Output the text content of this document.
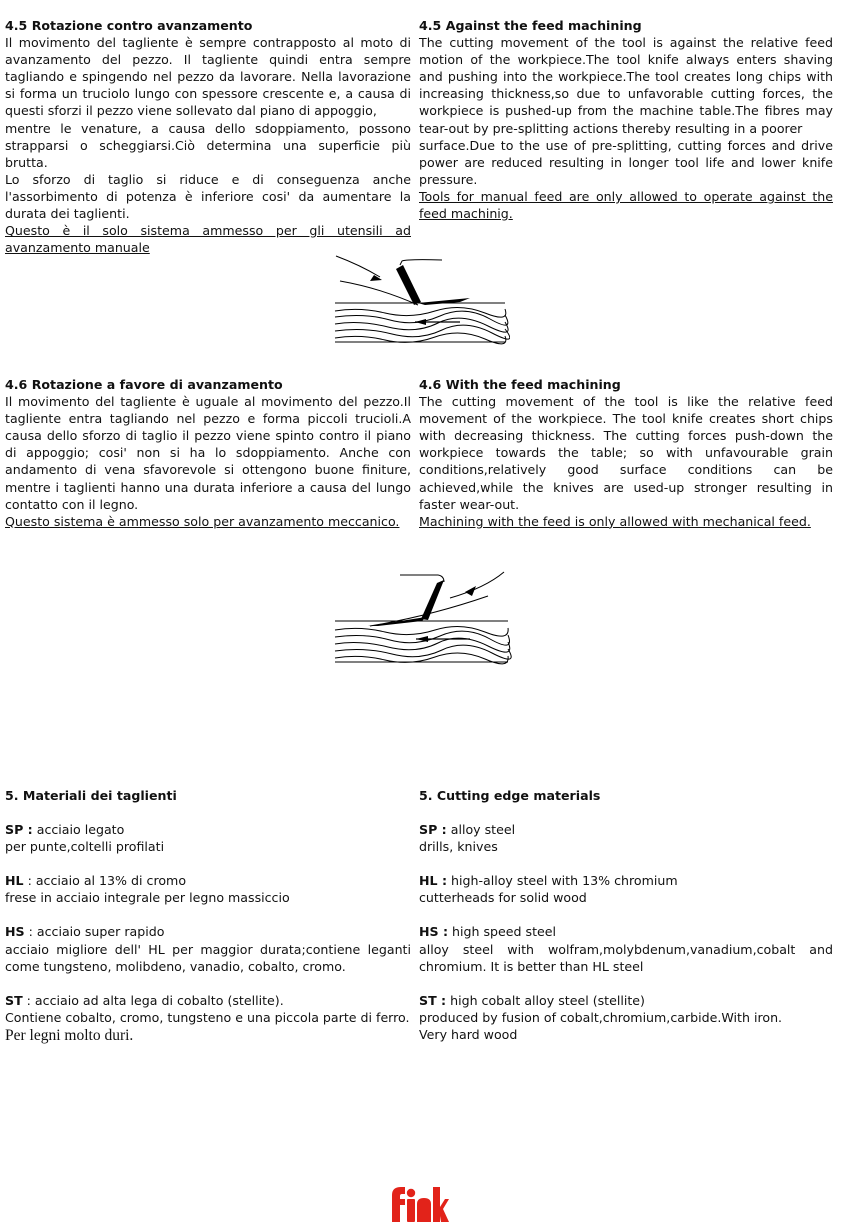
4.5 Rotazione contro avanzamento

Il movimento del tagliente è sempre contrapposto al moto di avanzamento del pezzo. Il tagliente quindi entra sempre tagliando e spingendo nel pezzo da lavorare. Nella lavorazione si forma un truciolo lungo con spessore crescente e, a causa di questi sforzi il pezzo viene sollevato dal piano di appoggio,

mentre le venature, a causa dello sdoppiamento, possono strapparsi o scheggiarsi.Ciò determina una superficie più brutta.

Lo sforzo di taglio si riduce e di conseguenza anche l'assorbimento di potenza è inferiore cosi' da aumentare la durata dei taglienti.

Questo è il solo sistema ammesso per gli utensili ad avanzamento manuale

4.5 Against the feed machining

The cutting movement of the tool is against the relative feed motion of the workpiece.The tool knife always enters shaving and pushing into the workpiece.The tool creates long chips with increasing thickness,so due to unfavorable cutting forces, the workpiece is pushed-up from the machine table.The fibres may tear-out by pre-splitting actions thereby resulting in a poorer

surface.Due to the use of pre-splitting, cutting forces and drive power are reduced resulting in longer tool life and lower knife pressure.

Tools for manual feed are only allowed to operate against the feed machinig.

4.6 Rotazione a favore di avanzamento

Il movimento del tagliente è uguale al movimento del pezzo.Il tagliente entra tagliando nel pezzo e forma piccoli trucioli.A causa dello sforzo di taglio il pezzo viene spinto contro il piano di appoggio; cosi' non si ha lo sdoppiamento. Anche con andamento di vena sfavorevole si ottengono buone finiture, mentre i taglienti hanno una durata inferiore a causa del lungo contatto con il legno.

Questo sistema è ammesso solo per avanzamento meccanico.

4.6 With the feed machining

The cutting movement of the tool is like the relative feed movement of the workpiece. The tool knife creates short chips with decreasing thickness. The cutting forces push-down the workpiece towards the table; so with unfavourable grain conditions,relatively good surface conditions can be achieved,while the knives are used-up stronger resulting in faster wear-out.

Machining with the feed is only allowed with mechanical feed.

5. Materiali dei taglienti

SP : acciaio legato

per punte,coltelli profilati

HL : acciaio al 13% di cromo

frese in acciaio integrale per legno massiccio

HS : acciaio super rapido

acciaio migliore dell' HL per maggior durata;contiene leganti come tungsteno, molibdeno, vanadio, cobalto, cromo.

ST : acciaio ad alta lega di cobalto (stellite).

Contiene cobalto, cromo, tungsteno e una piccola parte di ferro.

Per legni molto duri.

5. Cutting edge materials

SP : alloy steel

drills, knives

HL : high-alloy steel with 13% chromium

cutterheads for solid wood

HS : high speed steel

alloy steel with wolfram,molybdenum,vanadium,cobalt and chromium. It is better than HL steel

ST : high cobalt alloy steel (stellite)

produced by fusion of cobalt,chromium,carbide.With iron.

Very hard wood
